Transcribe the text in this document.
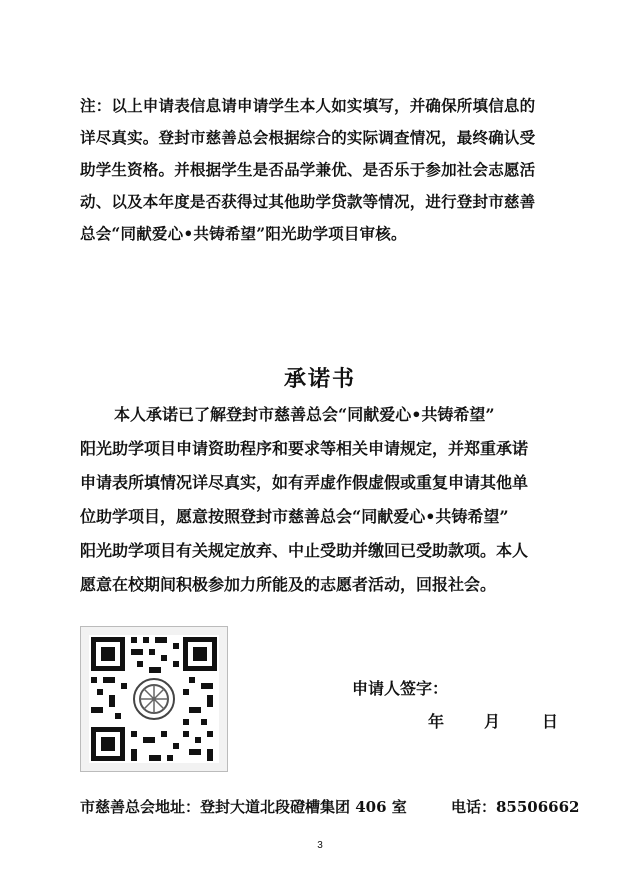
注：以上申请表信息请申请学生本人如实填写，并确保所填信息的
详尽真实。登封市慈善总会根据综合的实际调查情况，最终确认受
助学生资格。并根据学生是否品学兼优、是否乐于参加社会志愿活
动、以及本年度是否获得过其他助学贷款等情况，进行登封市慈善
总会“同献爱心•共铸希望”阳光助学项目审核。
承诺书
本人承诺已了解登封市慈善总会“同献爱心•共铸希望”
阳光助学项目申请资助程序和要求等相关申请规定，并郑重承诺
申请表所填情况详尽真实，如有弄虚作假虚假或重复申请其他单
位助学项目，愿意按照登封市慈善总会“同献爱心•共铸希望”
阳光助学项目有关规定放弃、中止受助并缴回已受助款项。本人
愿意在校期间积极参加力所能及的志愿者活动，回报社会。
申请人签字：
年	月	日
市慈善总会地址：登封大道北段磴槽集团 406 室	电话：85506662
3
